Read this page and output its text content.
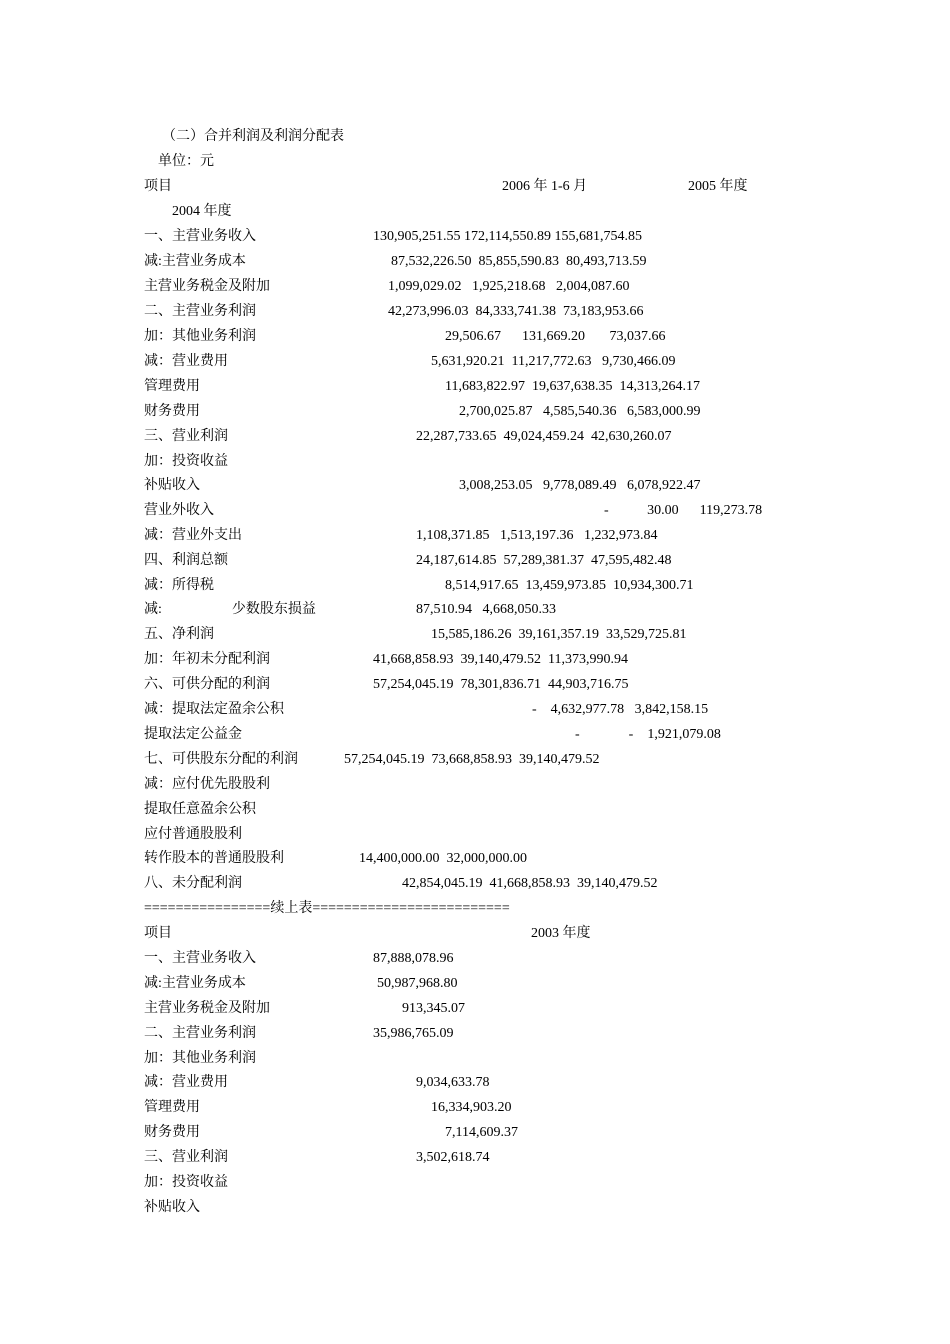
（二）合并利润及利润分配表
单位：元
项目	2006 年 1-6 月	2005 年度
2004 年度
一、主营业务收入	130,905,251.55 172,114,550.89 155,681,754.85
减:主营业务成本	87,532,226.50  85,855,590.83  80,493,713.59
主营业务税金及附加	1,099,029.02   1,925,218.68   2,004,087.60
二、主营业务利润	42,273,996.03  84,333,741.38  73,183,953.66
加：其他业务利润	29,506.67      131,669.20       73,037.66
减：营业费用	5,631,920.21  11,217,772.63   9,730,466.09
管理费用	11,683,822.97  19,637,638.35  14,313,264.17
财务费用	2,700,025.87   4,585,540.36   6,583,000.99
三、营业利润	22,287,733.65  49,024,459.24  42,630,260.07
加：投资收益
补贴收入	3,008,253.05   9,778,089.49   6,078,922.47
营业外收入	-           30.00      119,273.78
减：营业外支出	1,108,371.85   1,513,197.36   1,232,973.84
四、利润总额	24,187,614.85  57,289,381.37  47,595,482.48
减：所得税	8,514,917.65  13,459,973.85  10,934,300.71
减:                    少数股东损益	87,510.94   4,668,050.33
五、净利润	15,585,186.26  39,161,357.19  33,529,725.81
加：年初未分配利润	41,668,858.93  39,140,479.52  11,373,990.94
六、可供分配的利润	57,254,045.19  78,301,836.71  44,903,716.75
减：提取法定盈余公积	-    4,632,977.78   3,842,158.15
提取法定公益金	-              -    1,921,079.08
七、可供股东分配的利润	57,254,045.19  73,668,858.93  39,140,479.52
减：应付优先股股利
提取任意盈余公积
应付普通股股利
转作股本的普通股股利	14,400,000.00  32,000,000.00
八、未分配利润	42,854,045.19  41,668,858.93  39,140,479.52
================续上表=========================
项目	2003 年度
一、主营业务收入	87,888,078.96
减:主营业务成本	50,987,968.80
主营业务税金及附加	913,345.07
二、主营业务利润	35,986,765.09
加：其他业务利润
减：营业费用	9,034,633.78
管理费用	16,334,903.20
财务费用	7,114,609.37
三、营业利润	3,502,618.74
加：投资收益
补贴收入
